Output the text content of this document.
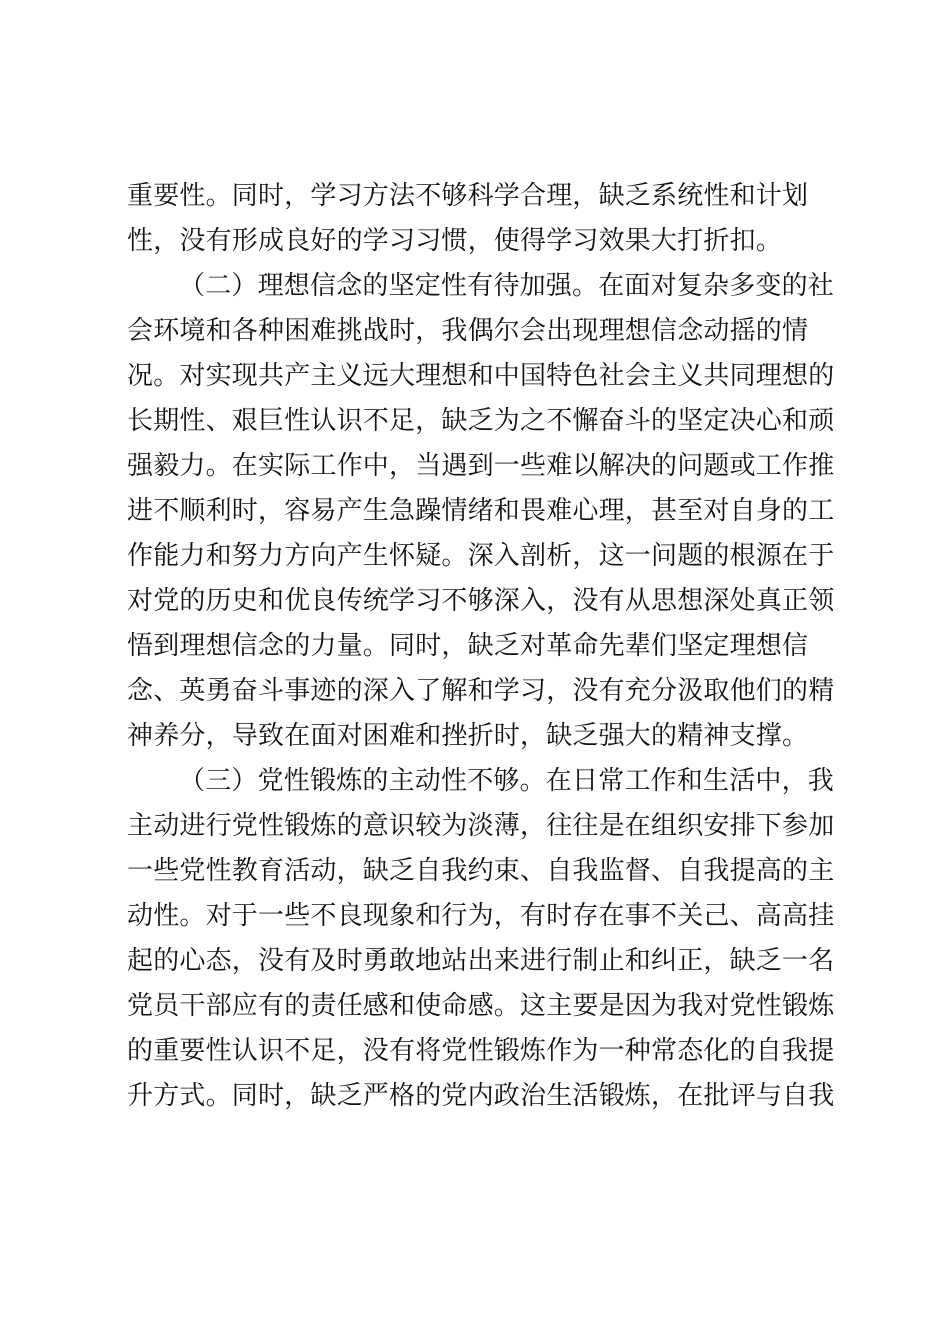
重要性。同时，学习方法不够科学合理，缺乏系统性和计划
性，没有形成良好的学习习惯，使得学习效果大打折扣。
（二）理想信念的坚定性有待加强。在面对复杂多变的社
会环境和各种困难挑战时，我偶尔会出现理想信念动摇的情
况。对实现共产主义远大理想和中国特色社会主义共同理想的
长期性、艰巨性认识不足，缺乏为之不懈奋斗的坚定决心和顽
强毅力。在实际工作中，当遇到一些难以解决的问题或工作推
进不顺利时，容易产生急躁情绪和畏难心理，甚至对自身的工
作能力和努力方向产生怀疑。深入剖析，这一问题的根源在于
对党的历史和优良传统学习不够深入，没有从思想深处真正领
悟到理想信念的力量。同时，缺乏对革命先辈们坚定理想信
念、英勇奋斗事迹的深入了解和学习，没有充分汲取他们的精
神养分，导致在面对困难和挫折时，缺乏强大的精神支撑。
（三）党性锻炼的主动性不够。在日常工作和生活中，我
主动进行党性锻炼的意识较为淡薄，往往是在组织安排下参加
一些党性教育活动，缺乏自我约束、自我监督、自我提高的主
动性。对于一些不良现象和行为，有时存在事不关己、高高挂
起的心态，没有及时勇敢地站出来进行制止和纠正，缺乏一名
党员干部应有的责任感和使命感。这主要是因为我对党性锻炼
的重要性认识不足，没有将党性锻炼作为一种常态化的自我提
升方式。同时，缺乏严格的党内政治生活锻炼，在批评与自我
